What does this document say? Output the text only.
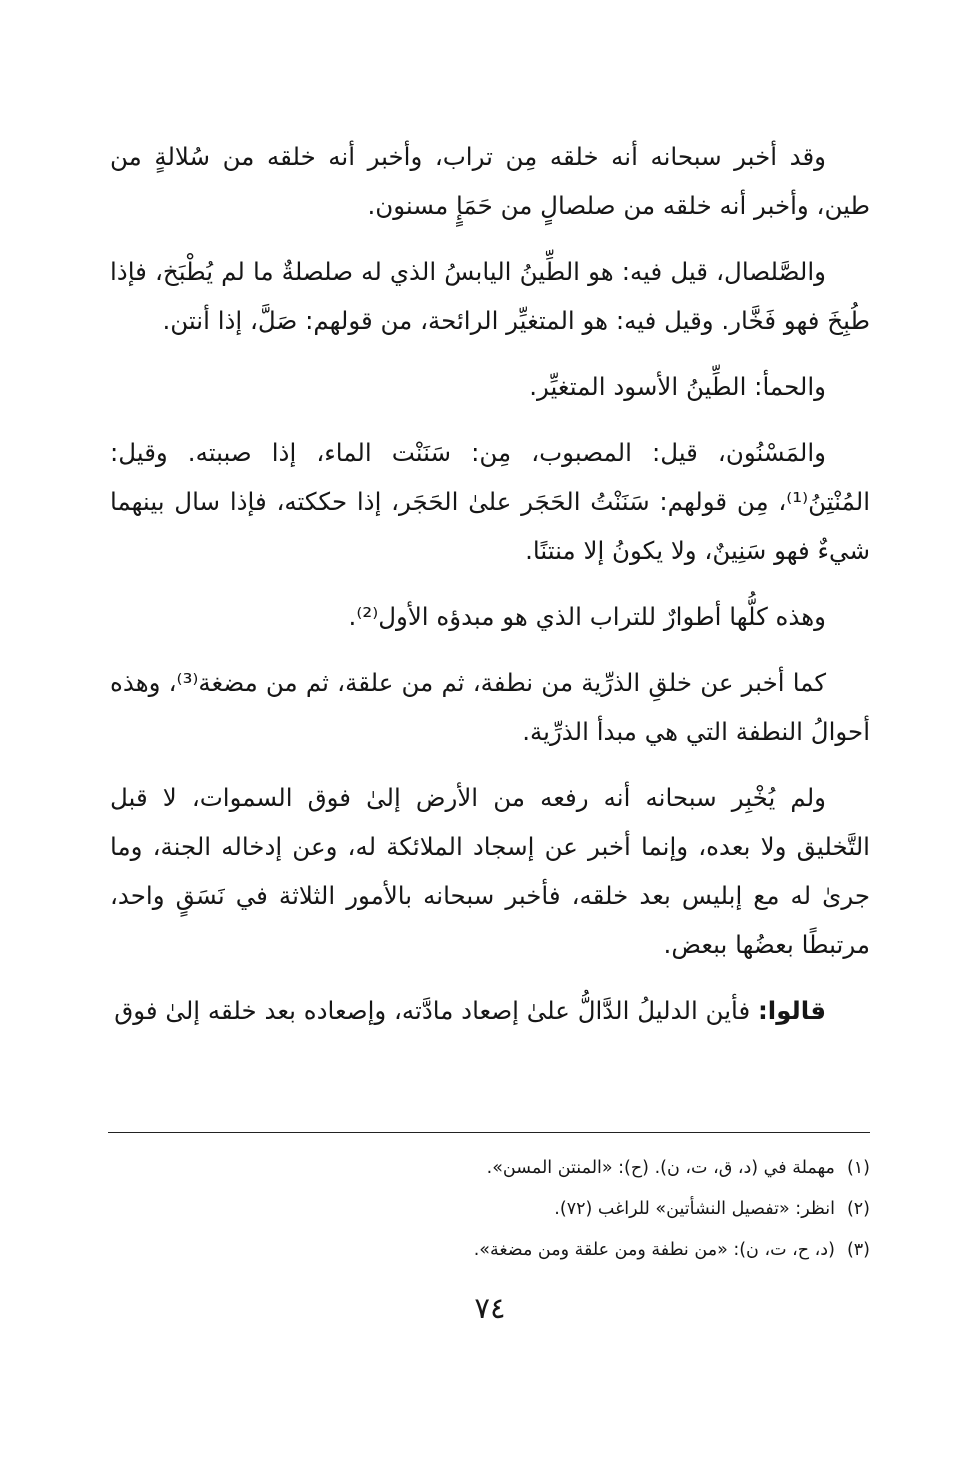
وقد أخبر سبحانه أنه خلقه مِن تراب، وأخبر أنه خلقه من سُلالةٍ من طين، وأخبر أنه خلقه من صلصالٍ من حَمَإٍ مسنون.

والصَّلصال، قيل فيه: هو الطِّينُ اليابسُ الذي له صلصلةٌ ما لم يُطْبَخ، فإذا طُبِخَ فهو فَخَّار. وقيل فيه: هو المتغيِّر الرائحة، من قولهم: صَلَّ، إذا أنتن.

والحمأ: الطِّينُ الأسود المتغيِّر.

والمَسْنُون، قيل: المصبوب، مِن: سَنَنْت الماء، إذا صببته. وقيل: المُنْتِنُ⁽¹⁾، مِن قولهم: سَنَنْتُ الحَجَر علىٰ الحَجَر، إذا حككته، فإذا سال بينهما شيءٌ فهو سَنِينٌ، ولا يكونُ إلا منتنًا.

وهذه كلُّها أطوارٌ للتراب الذي هو مبدؤه الأول⁽²⁾.

كما أخبر عن خلقِ الذرِّية من نطفة، ثم من علقة، ثم من مضغة⁽³⁾، وهذه أحوالُ النطفة التي هي مبدأ الذرِّية.

ولم يُخْبِر سبحانه أنه رفعه من الأرض إلىٰ فوق السموات، لا قبل التَّخليق ولا بعده، وإنما أخبر عن إسجاد الملائكة له، وعن إدخاله الجنة، وما جرىٰ له مع إبليس بعد خلقه، فأخبر سبحانه بالأمور الثلاثة في نَسَقٍ واحد، مرتبطًا بعضُها ببعض.

قالوا: فأين الدليلُ الدَّالُّ علىٰ إصعاد مادَّته، وإصعاده بعد خلقه إلىٰ فوق

(١)مهملة في (د، ق، ت، ن). (ح): «المنتن المسن».

(٢)انظر: «تفصيل النشأتين» للراغب (٧٢).

(٣)(د، ح، ت، ن): «من نطفة ومن علقة ومن مضغة».

٧٤
